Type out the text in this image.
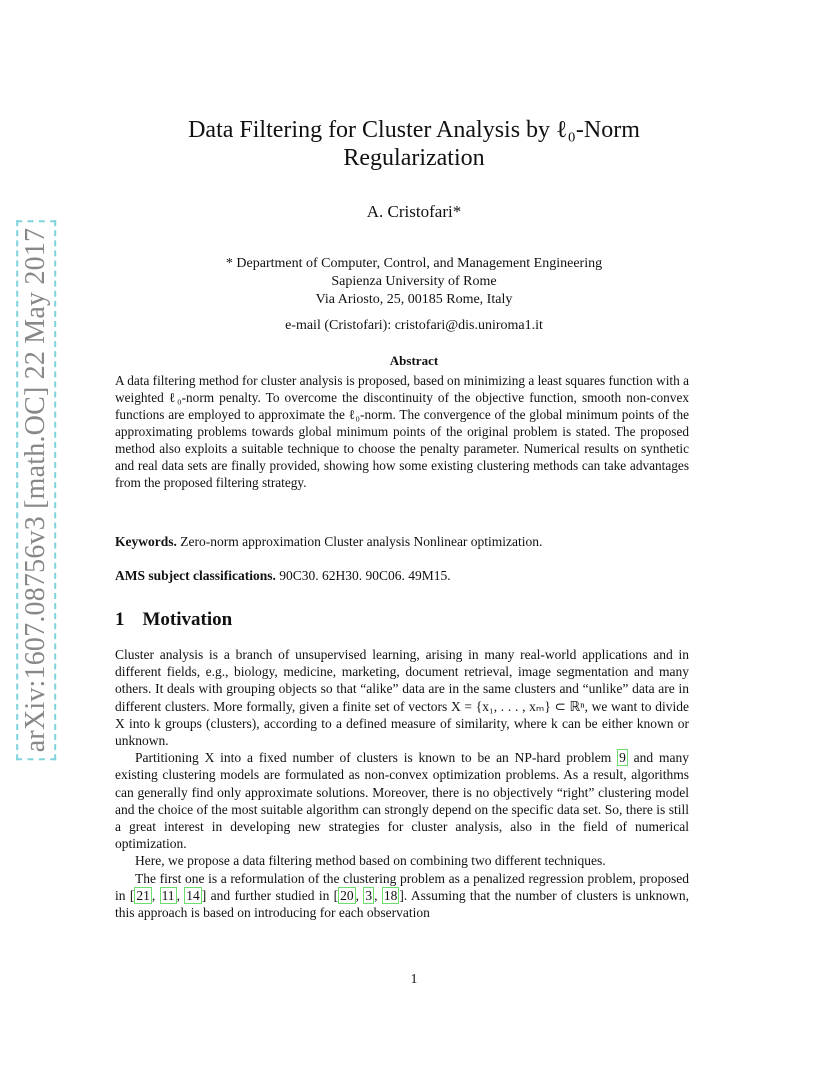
arXiv:1607.08756v3 [math.OC] 22 May 2017
Data Filtering for Cluster Analysis by ℓ₀-Norm
Regularization
A. Cristofari*
* Department of Computer, Control, and Management Engineering
Sapienza University of Rome
Via Ariosto, 25, 00185 Rome, Italy
e-mail (Cristofari): cristofari@dis.uniroma1.it
Abstract
A data filtering method for cluster analysis is proposed, based on minimizing a least squares function with a weighted ℓ₀-norm penalty. To overcome the discontinuity of the objective function, smooth non-convex functions are employed to approximate the ℓ₀-norm. The convergence of the global minimum points of the approximating problems towards global minimum points of the original problem is stated. The proposed method also exploits a suitable technique to choose the penalty parameter. Numerical results on synthetic and real data sets are finally provided, showing how some existing clustering methods can take advantages from the proposed filtering strategy.
Keywords. Zero-norm approximation Cluster analysis Nonlinear optimization.
AMS subject classifications. 90C30. 62H30. 90C06. 49M15.
1 Motivation

Cluster analysis is a branch of unsupervised learning, arising in many real-world applications and in different fields, e.g., biology, medicine, marketing, document retrieval, image segmentation and many others. It deals with grouping objects so that “alike” data are in the same clusters and “unlike” data are in different clusters. More formally, given a finite set of vectors X = {x₁, . . . , xₘ} ⊂ ℝⁿ, we want to divide X into k groups (clusters), according to a defined measure of similarity, where k can be either known or unknown.

Partitioning X into a fixed number of clusters is known to be an NP-hard problem 9 and many existing clustering models are formulated as non-convex optimization problems. As a result, algorithms can generally find only approximate solutions. Moreover, there is no objectively “right” clustering model and the choice of the most suitable algorithm can strongly depend on the specific data set. So, there is still a great interest in developing new strategies for cluster analysis, also in the field of numerical optimization.

Here, we propose a data filtering method based on combining two different techniques.

The first one is a reformulation of the clustering problem as a penalized regression problem, proposed in [ 21 , 11 , 14 ] and further studied in [ 20 , 3 , 18 ]. Assuming that the number of clusters is unknown, this approach is based on introducing for each observation

1
